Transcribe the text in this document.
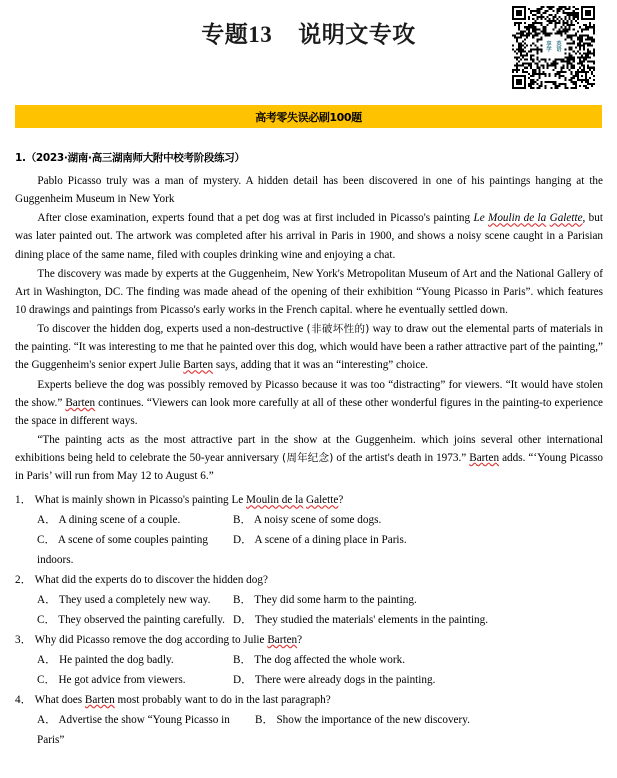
专题13 说明文专攻	享学
英语
高考零失误必刷100题
1.（2023·湖南·高三湖南师大附中校考阶段练习）

Pablo Picasso truly was a man of mystery. A hidden detail has been discovered in one of his paintings hanging at the Guggenheim Museum in New York

After close examination, experts found that a pet dog was at first included in Picasso's painting Le Moulin de la Galette, but was later painted out. The artwork was completed after his arrival in Paris in 1900, and shows a noisy scene caught in a Parisian dining place of the same name, filed with couples drinking wine and enjoying a chat.

The discovery was made by experts at the Guggenheim, New York's Metropolitan Museum of Art and the National Gallery of Art in Washington, DC. The finding was made ahead of the opening of their exhibition “Young Picasso in Paris”. which features 10 drawings and paintings from Picasso's early works in the French capital. where he eventually settled down.

To discover the hidden dog, experts used a non-destructive (非破坏性的) way to draw out the elemental parts of materials in the painting. “It was interesting to me that he painted over this dog, which would have been a rather attractive part of the painting,” the Guggenheim's senior expert Julie Barten says, adding that it was an “interesting” choice.

Experts believe the dog was possibly removed by Picasso because it was too “distracting” for viewers. “It would have stolen the show.” Barten continues. “Viewers can look more carefully at all of these other wonderful figures in the painting-to experience the space in different ways.

“The painting acts as the most attractive part in the show at the Guggenheim. which joins several other international exhibitions being held to celebrate the 50-year anniversary (周年纪念) of the artist's death in 1973.” Barten adds. “‘Young Picasso in Paris’ will run from May 12 to August 6.”

1． What is mainly shown in Picasso's painting Le Moulin de la Galette?
A． A dining scene of a couple.	B． A noisy scene of some dogs.
C． A scene of some couples painting indoors.
D． A scene of a dining place in Paris.
2． What did the experts do to discover the hidden dog?
A． They used a completely new way.	B． They did some harm to the painting.
C． They observed the painting carefully. D． They studied the materials' elements in the painting.
3． Why did Picasso remove the dog according to Julie Barten?
A． He painted the dog badly.	B． The dog affected the whole work.
C． He got advice from viewers.	D． There were already dogs in the painting.
4． What does Barten most probably want to do in the last paragraph?
A． Advertise the show “Young Picasso in Paris”
B． Show the importance of the new discovery.
